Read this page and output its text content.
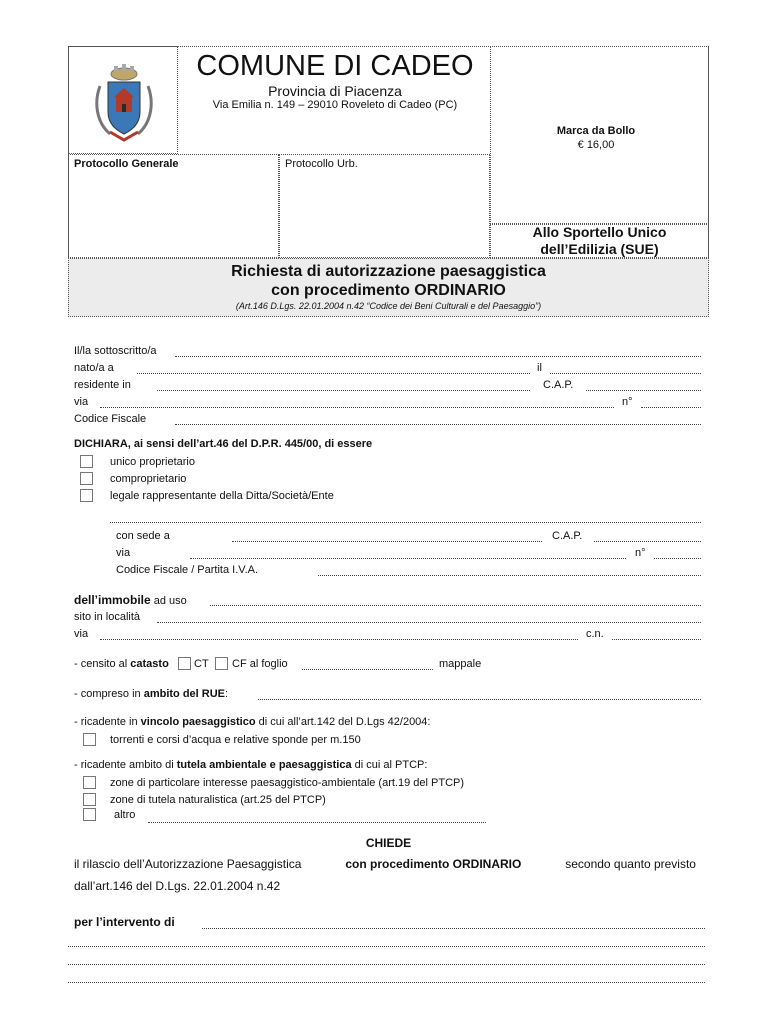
COMUNE DI CADEO
Provincia di Piacenza
Via Emilia n. 149 – 29010 Roveleto di Cadeo (PC)
Marca da Bollo
€ 16,00
Protocollo Generale	Protocollo Urb.
Allo Sportello Unico
dell’Edilizia (SUE)
Richiesta di autorizzazione paesaggistica
con procedimento ORDINARIO
(Art.146 D.Lgs. 22.01.2004 n.42 “Codice dei Beni Culturali e del Paesaggio”)
Il/la sottoscritto/a
nato/a a	il
residente in	C.A.P.
via	n°
Codice Fiscale
DICHIARA, ai sensi dell’art.46 del D.P.R. 445/00, di essere
unico proprietario
comproprietario
legale rappresentante della Ditta/Società/Ente
con sede a	C.A.P.
via	n°
Codice Fiscale / Partita I.V.A.
dell’immobile ad uso
sito in località
via	c.n.
- censito al catasto CT CF al foglio	mappale
- compreso in ambito del RUE:
- ricadente in vincolo paesaggistico di cui all’art.142 del D.Lgs 42/2004:
torrenti e corsi d’acqua e relative sponde per m.150
- ricadente ambito di tutela ambientale e paesaggistica di cui al PTCP:
zone di particolare interesse paesaggistico-ambientale (art.19 del PTCP)
zone di tutela naturalistica (art.25 del PTCP)
altro
CHIEDE
il rilascio dell’Autorizzazione Paesaggistica	con procedimento ORDINARIO	secondo quanto previsto
dall’art.146 del D.Lgs. 22.01.2004 n.42
per l’intervento di
